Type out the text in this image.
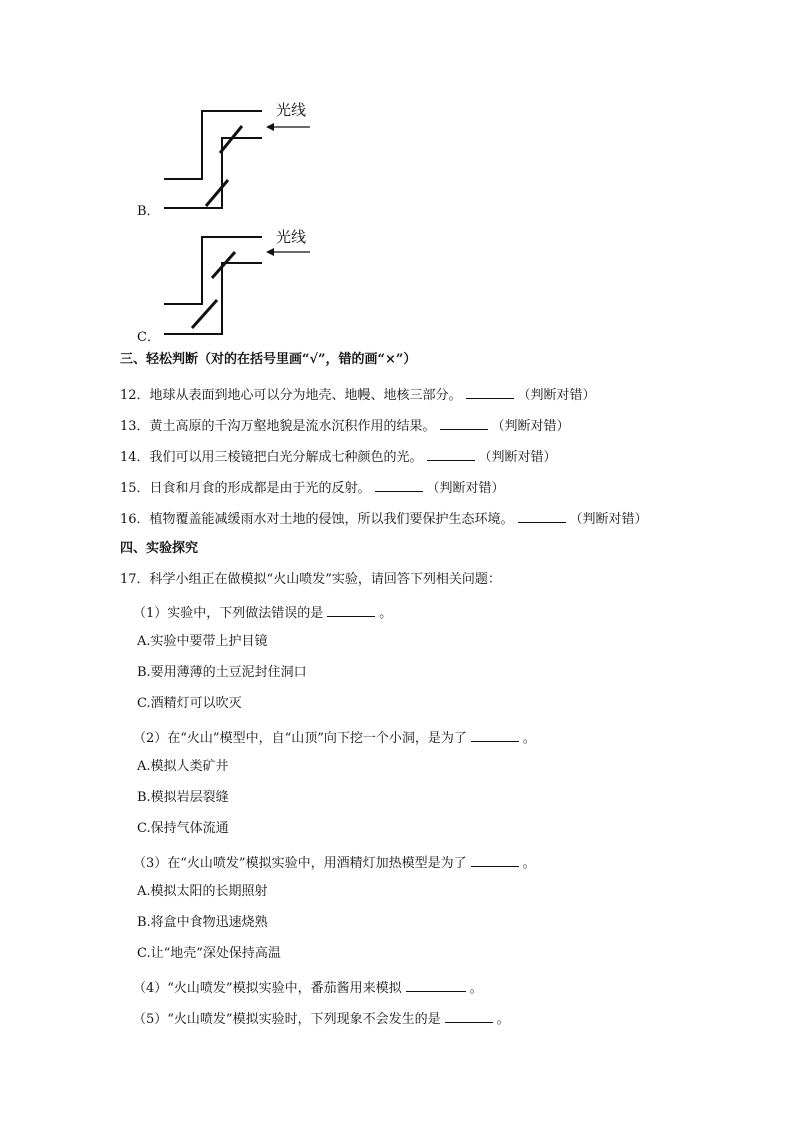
B．
光线
C．
光线
三、轻松判断（对的在括号里画“√”，错的画“×”）
12．地球从表面到地心可以分为地壳、地幔、地核三部分。	（判断对错）
13．黄土高原的千沟万壑地貌是流水沉积作用的结果。	（判断对错）
14．我们可以用三棱镜把白光分解成七种颜色的光。	（判断对错）
15．日食和月食的形成都是由于光的反射。	（判断对错）
16．植物覆盖能减缓雨水对土地的侵蚀，所以我们要保护生态环境。	（判断对错）
四、实验探究
17．科学小组正在做模拟“火山喷发”实验，请回答下列相关问题：
（1）实验中，下列做法错误的是	。
A.实验中要带上护目镜
B.要用薄薄的土豆泥封住洞口
C.酒精灯可以吹灭
（2）在“火山”模型中，自“山顶”向下挖一个小洞，是为了	。
A.模拟人类矿井
B.模拟岩层裂缝
C.保持气体流通
（3）在“火山喷发”模拟实验中，用酒精灯加热模型是为了	。
A.模拟太阳的长期照射
B.将盒中食物迅速烧熟
C.让“地壳”深处保持高温
（4）“火山喷发”模拟实验中，番茄酱用来模拟	。
（5）“火山喷发”模拟实验时，下列现象不会发生的是	。
